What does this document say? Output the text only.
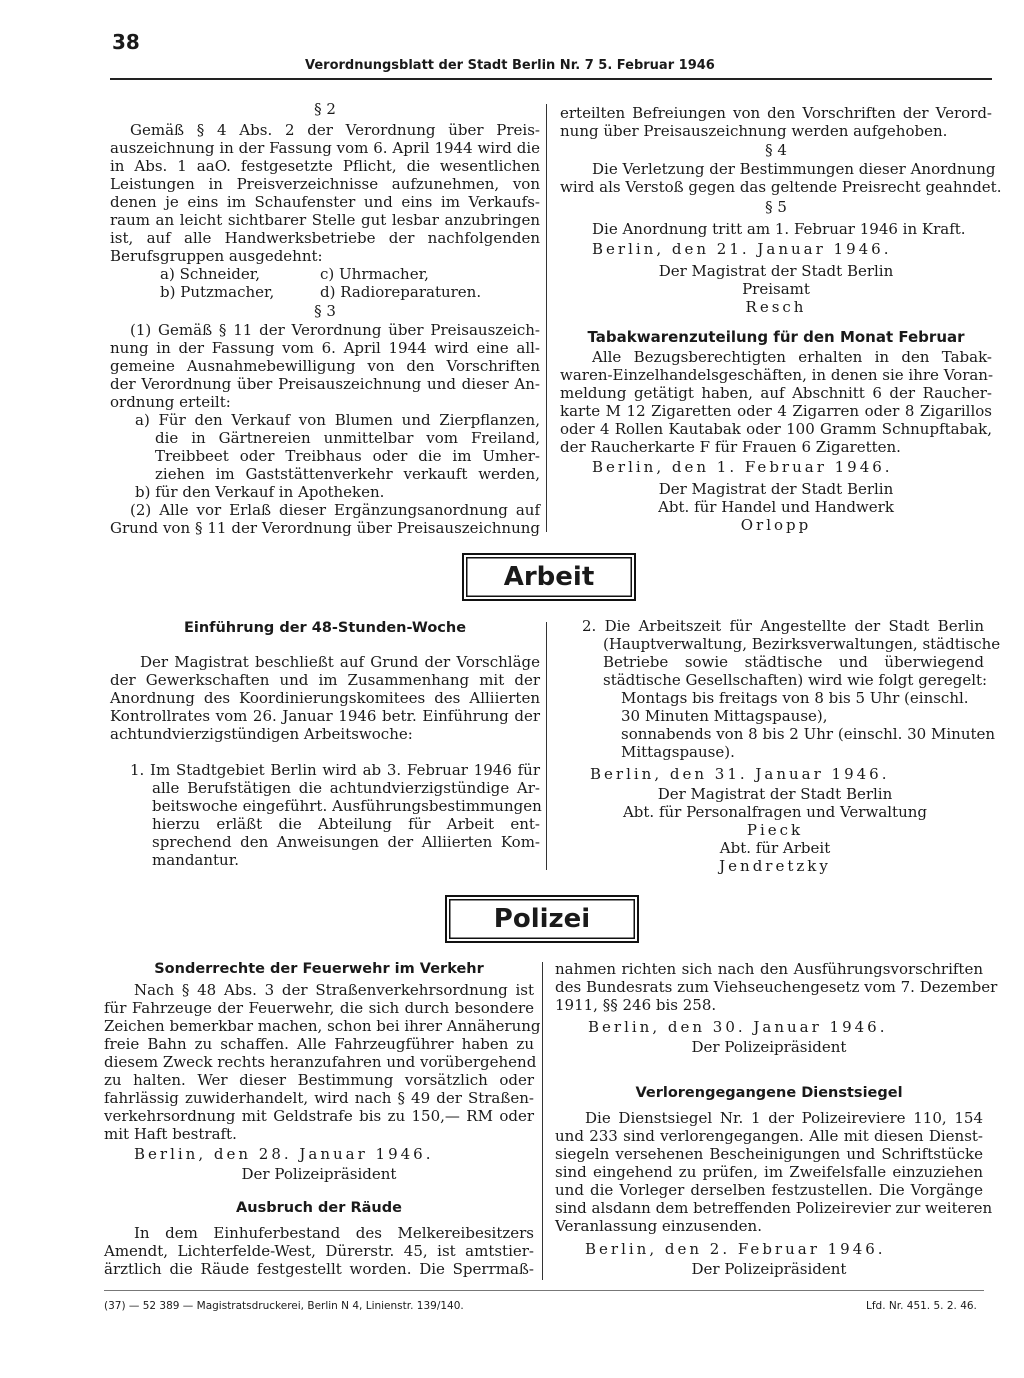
38
Verordnungsblatt der Stadt Berlin Nr. 7 5. Februar 1946
§ 2
Gemäß § 4 Abs. 2 der Verordnung über Preis-
auszeichnung in der Fassung vom 6. April 1944 wird die
in Abs. 1 aaO. festgesetzte Pflicht, die wesentlichen
Leistungen in Preisverzeichnisse aufzunehmen, von
denen je eins im Schaufenster und eins im Verkaufs-
raum an leicht sichtbarer Stelle gut lesbar anzubringen
ist, auf alle Handwerksbetriebe der nachfolgenden
Berufsgruppen ausgedehnt:
a) Schneider,	c) Uhrmacher,
b) Putzmacher,	d) Radioreparaturen.
§ 3
(1) Gemäß § 11 der Verordnung über Preisauszeich-
nung in der Fassung vom 6. April 1944 wird eine all-
gemeine Ausnahmebewilligung von den Vorschriften
der Verordnung über Preisauszeichnung und dieser An-
ordnung erteilt:
a) Für den Verkauf von Blumen und Zierpflanzen,
die in Gärtnereien unmittelbar vom Freiland,
Treibbeet oder Treibhaus oder die im Umher-
ziehen im Gaststättenverkehr verkauft werden,
b) für den Verkauf in Apotheken.
(2) Alle vor Erlaß dieser Ergänzungsanordnung auf
Grund von § 11 der Verordnung über Preisauszeichnung
erteilten Befreiungen von den Vorschriften der Verord-
nung über Preisauszeichnung werden aufgehoben.
§ 4
Die Verletzung der Bestimmungen dieser Anordnung
wird als Verstoß gegen das geltende Preisrecht geahndet.
§ 5
Die Anordnung tritt am 1. Februar 1946 in Kraft.
Berlin, den 21. Januar 1946.
Der Magistrat der Stadt Berlin
Preisamt
Resch
Tabakwarenzuteilung für den Monat Februar
Alle Bezugsberechtigten erhalten in den Tabak-
waren-Einzelhandelsgeschäften, in denen sie ihre Voran-
meldung getätigt haben, auf Abschnitt 6 der Raucher-
karte M 12 Zigaretten oder 4 Zigarren oder 8 Zigarillos
oder 4 Rollen Kautabak oder 100 Gramm Schnupftabak,
der Raucherkarte F für Frauen 6 Zigaretten.
Berlin, den 1. Februar 1946.
Der Magistrat der Stadt Berlin
Abt. für Handel und Handwerk
Orlopp
Arbeit
Einführung der 48-Stunden-Woche
Der Magistrat beschließt auf Grund der Vorschläge
der Gewerkschaften und im Zusammenhang mit der
Anordnung des Koordinierungskomitees des Alliierten
Kontrollrates vom 26. Januar 1946 betr. Einführung der
achtundvierzigstündigen Arbeitswoche:
1. Im Stadtgebiet Berlin wird ab 3. Februar 1946 für
alle Berufstätigen die achtundvierzigstündige Ar-
beitswoche eingeführt. Ausführungsbestimmungen
hierzu erläßt die Abteilung für Arbeit ent-
sprechend den Anweisungen der Alliierten Kom-
mandantur.
2. Die Arbeitszeit für Angestellte der Stadt Berlin
(Hauptverwaltung, Bezirksverwaltungen, städtische
Betriebe sowie städtische und überwiegend
städtische Gesellschaften) wird wie folgt geregelt:
Montags bis freitags von 8 bis 5 Uhr (einschl.
30 Minuten Mittagspause),
sonnabends von 8 bis 2 Uhr (einschl. 30 Minuten
Mittagspause).
Berlin, den 31. Januar 1946.
Der Magistrat der Stadt Berlin
Abt. für Personalfragen und Verwaltung
Pieck
Abt. für Arbeit
Jendretzky
Polizei
Sonderrechte der Feuerwehr im Verkehr
Nach § 48 Abs. 3 der Straßenverkehrsordnung ist
für Fahrzeuge der Feuerwehr, die sich durch besondere
Zeichen bemerkbar machen, schon bei ihrer Annäherung
freie Bahn zu schaffen. Alle Fahrzeugführer haben zu
diesem Zweck rechts heranzufahren und vorübergehend
zu halten. Wer dieser Bestimmung vorsätzlich oder
fahrlässig zuwiderhandelt, wird nach § 49 der Straßen-
verkehrsordnung mit Geldstrafe bis zu 150,— RM oder
mit Haft bestraft.
Berlin, den 28. Januar 1946.
Der Polizeipräsident
Ausbruch der Räude
In dem Einhuferbestand des Melkereibesitzers
Amendt, Lichterfelde-West, Dürerstr. 45, ist amtstier-
ärztlich die Räude festgestellt worden. Die Sperrmaß-
nahmen richten sich nach den Ausführungsvorschriften
des Bundesrats zum Viehseuchengesetz vom 7. Dezember
1911, §§ 246 bis 258.
Berlin, den 30. Januar 1946.
Der Polizeipräsident
Verlorengegangene Dienstsiegel
Die Dienstsiegel Nr. 1 der Polizeireviere 110, 154
und 233 sind verlorengegangen. Alle mit diesen Dienst-
siegeln versehenen Bescheinigungen und Schriftstücke
sind eingehend zu prüfen, im Zweifelsfalle einzuziehen
und die Vorleger derselben festzustellen. Die Vorgänge
sind alsdann dem betreffenden Polizeirevier zur weiteren
Veranlassung einzusenden.
Berlin, den 2. Februar 1946.
Der Polizeipräsident
(37) — 52 389 — Magistratsdruckerei, Berlin N 4, Linienstr. 139/140.	Lfd. Nr. 451. 5. 2. 46.
